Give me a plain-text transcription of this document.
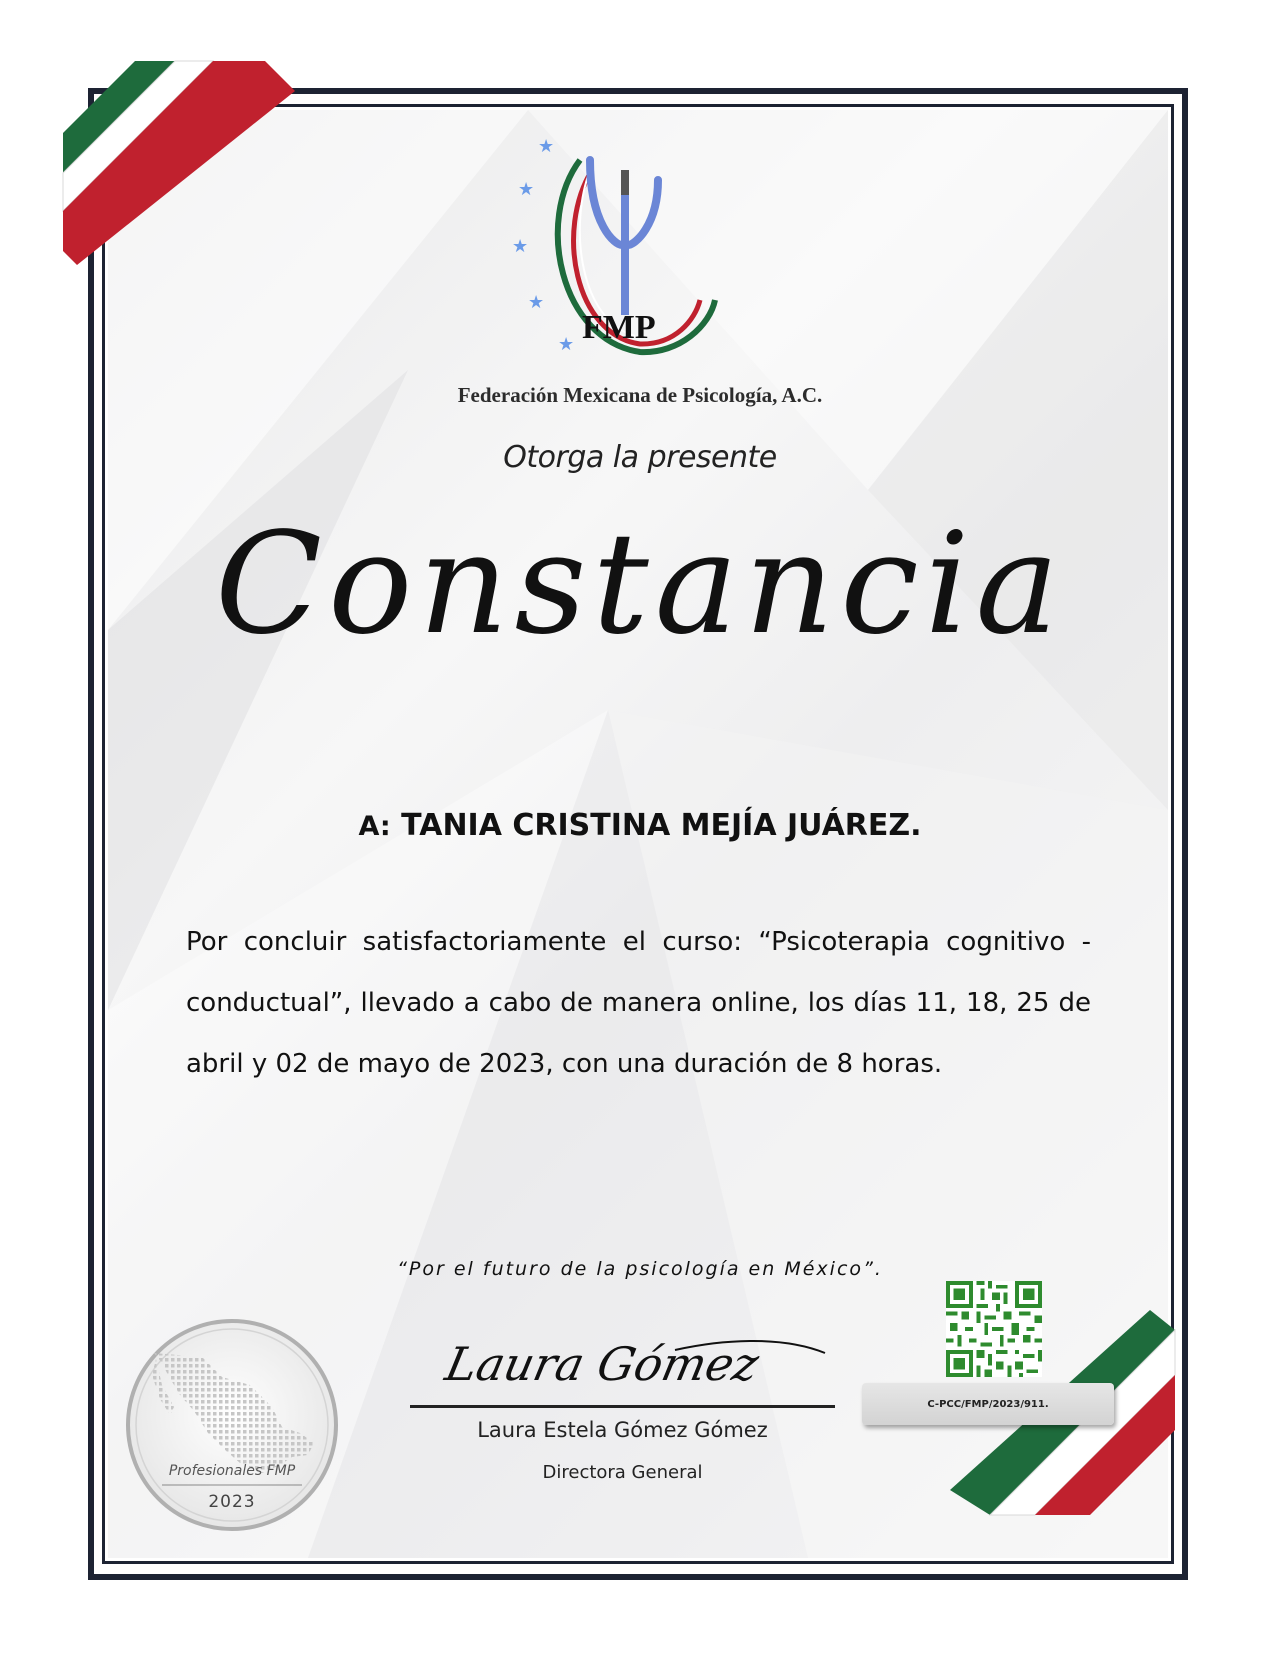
★
★
★
★
★ FMP
Federación Mexicana de Psicología, A.C.
Otorga la presente
Constancia
A: TANIA CRISTINA MEJÍA JUÁREZ.
Por concluir satisfactoriamente el curso: “Psicoterapia cognitivo - conductual”, llevado a cabo de manera online, los días 11, 18, 25 de abril y 02 de mayo de 2023, con una duración de 8 horas.
“Por el futuro de la psicología en México”.
Laura Gómez
Laura Estela Gómez Gómez
Directora General
Profesionales FMP
2023
C-PCC/FMP/2023/911.
